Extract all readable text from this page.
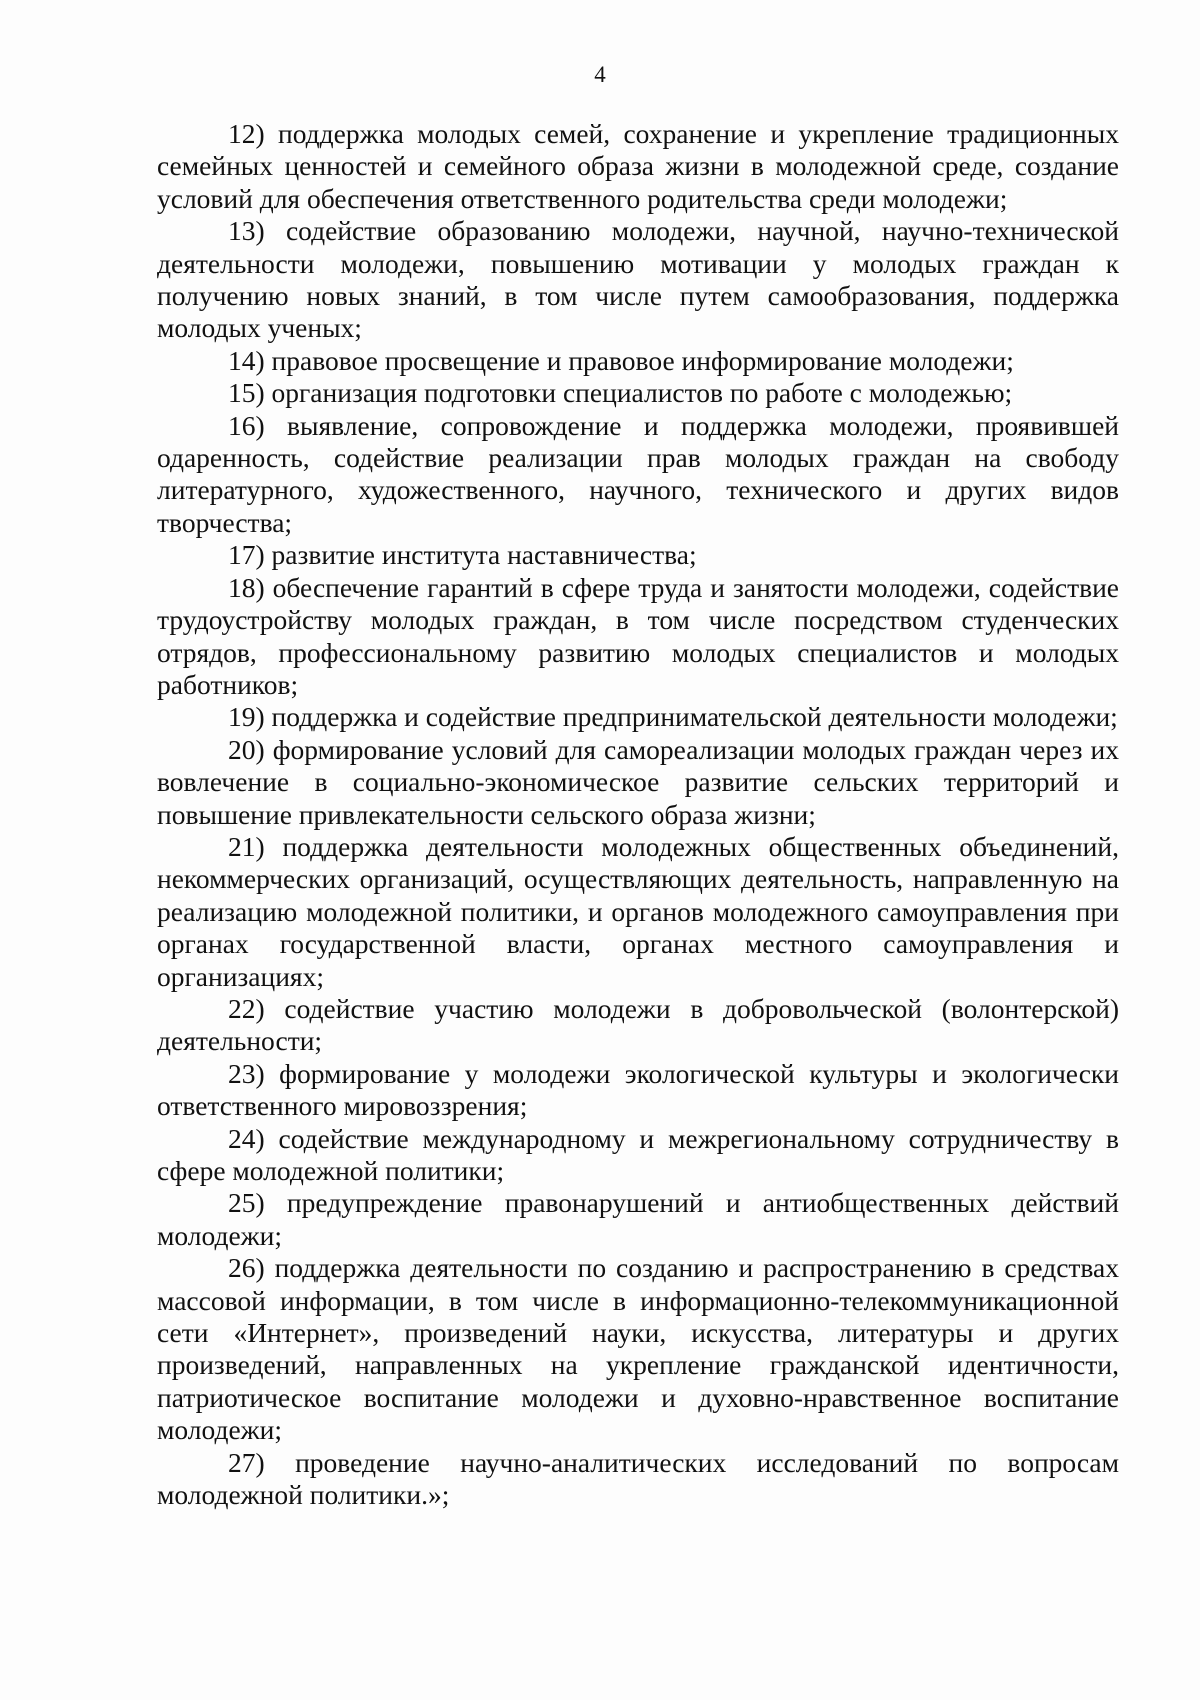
4

12) поддержка молодых семей, сохранение и укрепление традиционных семейных ценностей и семейного образа жизни в молодежной среде, создание условий для обеспечения ответственного родительства среди молодежи;

13) содействие образованию молодежи, научной, научно-технической деятельности молодежи, повышению мотивации у молодых граждан к получению новых знаний, в том числе путем самообразования, поддержка молодых ученых;

14) правовое просвещение и правовое информирование молодежи;

15) организация подготовки специалистов по работе с молодежью;

16) выявление, сопровождение и поддержка молодежи, проявившей одаренность, содействие реализации прав молодых граждан на свободу литературного, художественного, научного, технического и других видов творчества;

17) развитие института наставничества;

18) обеспечение гарантий в сфере труда и занятости молодежи, содействие трудоустройству молодых граждан, в том числе посредством студенческих отрядов, профессиональному развитию молодых специалистов и молодых работников;

19) поддержка и содействие предпринимательской деятельности молодежи;

20) формирование условий для самореализации молодых граждан через их вовлечение в социально-экономическое развитие сельских территорий и повышение привлекательности сельского образа жизни;

21) поддержка деятельности молодежных общественных объединений, некоммерческих организаций, осуществляющих деятельность, направленную на реализацию молодежной политики, и органов молодежного самоуправления при органах государственной власти, органах местного самоуправления и организациях;

22) содействие участию молодежи в добровольческой (волонтерской) деятельности;

23) формирование у молодежи экологической культуры и экологически ответственного мировоззрения;

24) содействие международному и межрегиональному сотрудничеству в сфере молодежной политики;

25) предупреждение правонарушений и антиобщественных действий молодежи;

26) поддержка деятельности по созданию и распространению в средствах массовой информации, в том числе в информационно-телекоммуникационной сети «Интернет», произведений науки, искусства, литературы и других произведений, направленных на укрепление гражданской идентичности, патриотическое воспитание молодежи и духовно-нравственное воспитание молодежи;

27) проведение научно-аналитических исследований по вопросам молодежной политики.»;
